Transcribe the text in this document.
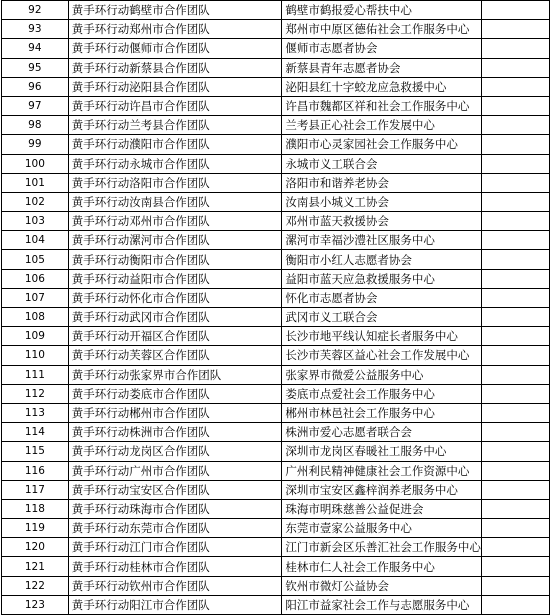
92	黄手环行动鹤壁市合作团队	鹤壁市鹤报爱心帮扶中心	
93	黄手环行动郑州市合作团队	郑州市中原区德佑社会工作服务中心	
94	黄手环行动偃师市合作团队	偃师市志愿者协会	
95	黄手环行动新蔡县合作团队	新蔡县青年志愿者协会	
96	黄手环行动泌阳县合作团队	泌阳县红十字蛟龙应急救援中心	
97	黄手环行动许昌市合作团队	许昌市魏都区祥和社会工作服务中心	
98	黄手环行动兰考县合作团队	兰考县正心社会工作发展中心	
99	黄手环行动濮阳市合作团队	濮阳市心灵家园社会工作服务中心	
100	黄手环行动永城市合作团队	永城市义工联合会	
101	黄手环行动洛阳市合作团队	洛阳市和谐养老协会	
102	黄手环行动汝南县合作团队	汝南县小城义工协会	
103	黄手环行动邓州市合作团队	邓州市蓝天救援协会	
104	黄手环行动漯河市合作团队	漯河市幸福沙澧社区服务中心	
105	黄手环行动衡阳市合作团队	衡阳市小红人志愿者协会	
106	黄手环行动益阳市合作团队	益阳市蓝天应急救援服务中心	
107	黄手环行动怀化市合作团队	怀化市志愿者协会	
108	黄手环行动武冈市合作团队	武冈市义工联合会	
109	黄手环行动开福区合作团队	长沙市地平线认知症长者服务中心	
110	黄手环行动芙蓉区合作团队	长沙市芙蓉区益心社会工作发展中心	
111	黄手环行动张家界市合作团队	张家界市微爱公益服务中心	
112	黄手环行动娄底市合作团队	娄底市点爱社会工作服务中心	
113	黄手环行动郴州市合作团队	郴州市林邑社会工作服务中心	
114	黄手环行动株洲市合作团队	株洲市爱心志愿者联合会	
115	黄手环行动龙岗区合作团队	深圳市龙岗区春暖社工服务中心	
116	黄手环行动广州市合作团队	广州利民精神健康社会工作资源中心	
117	黄手环行动宝安区合作团队	深圳市宝安区鑫梓润养老服务中心	
118	黄手环行动珠海市合作团队	珠海市明珠慈善公益促进会	
119	黄手环行动东莞市合作团队	东莞市壹家公益服务中心	
120	黄手环行动江门市合作团队	江门市新会区乐善汇社会工作服务中心	
121	黄手环行动桂林市合作团队	桂林市仁人社会工作服务中心	
122	黄手环行动钦州市合作团队	钦州市微灯公益协会	
123	黄手环行动阳江市合作团队	阳江市益家社会工作与志愿服务中心	
